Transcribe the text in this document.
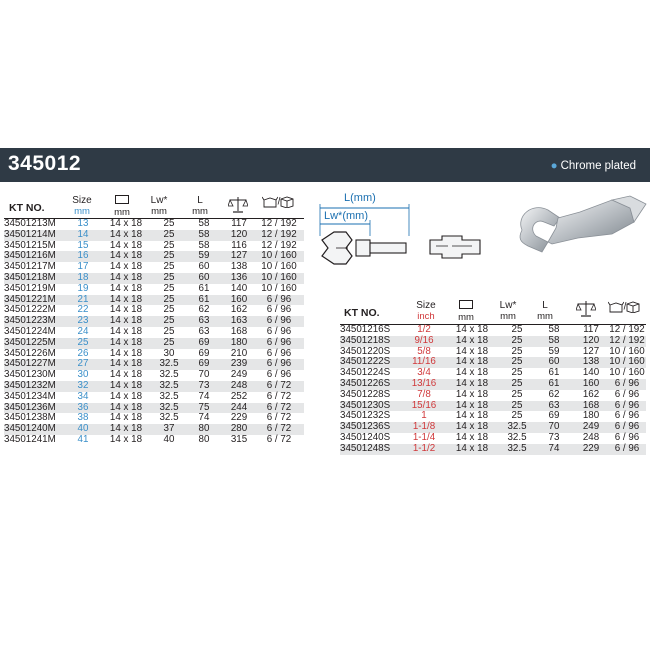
345012	● Chrome plated
KT NO.
Size
mm	mm
Lw*
mm
L
mm
/
34501213M	13	14 x 18	25	58	117	12 / 192
34501214M	14	14 x 18	25	58	120	12 / 192
34501215M	15	14 x 18	25	58	116	12 / 192
34501216M	16	14 x 18	25	59	127	10 / 160
34501217M	17	14 x 18	25	60	138	10 / 160
34501218M	18	14 x 18	25	60	136	10 / 160
34501219M	19	14 x 18	25	61	140	10 / 160
34501221M	21	14 x 18	25	61	160	6 / 96
34501222M	22	14 x 18	25	62	162	6 / 96
34501223M	23	14 x 18	25	63	163	6 / 96
34501224M	24	14 x 18	25	63	168	6 / 96
34501225M	25	14 x 18	25	69	180	6 / 96
34501226M	26	14 x 18	30	69	210	6 / 96
34501227M	27	14 x 18	32.5	69	239	6 / 96
34501230M	30	14 x 18	32.5	70	249	6 / 96
34501232M	32	14 x 18	32.5	73	248	6 / 72
34501234M	34	14 x 18	32.5	74	252	6 / 72
34501236M	36	14 x 18	32.5	75	244	6 / 72
34501238M	38	14 x 18	32.5	74	229	6 / 72
34501240M	40	14 x 18	37	80	280	6 / 72
34501241M	41	14 x 18	40	80	315	6 / 72
L(mm)
Lw*(mm)
KT NO.
Size
inch	mm
Lw*
mm
L
mm
/
34501216S	1/2	14 x 18	25	58	117	12 / 192
34501218S	9/16	14 x 18	25	58	120	12 / 192
34501220S	5/8	14 x 18	25	59	127	10 / 160
34501222S	11/16	14 x 18	25	60	138	10 / 160
34501224S	3/4	14 x 18	25	61	140	10 / 160
34501226S	13/16	14 x 18	25	61	160	6 / 96
34501228S	7/8	14 x 18	25	62	162	6 / 96
34501230S	15/16	14 x 18	25	63	168	6 / 96
34501232S	1	14 x 18	25	69	180	6 / 96
34501236S	1-1/8	14 x 18	32.5	70	249	6 / 96
34501240S	1-1/4	14 x 18	32.5	73	248	6 / 96
34501248S	1-1/2	14 x 18	32.5	74	229	6 / 96
